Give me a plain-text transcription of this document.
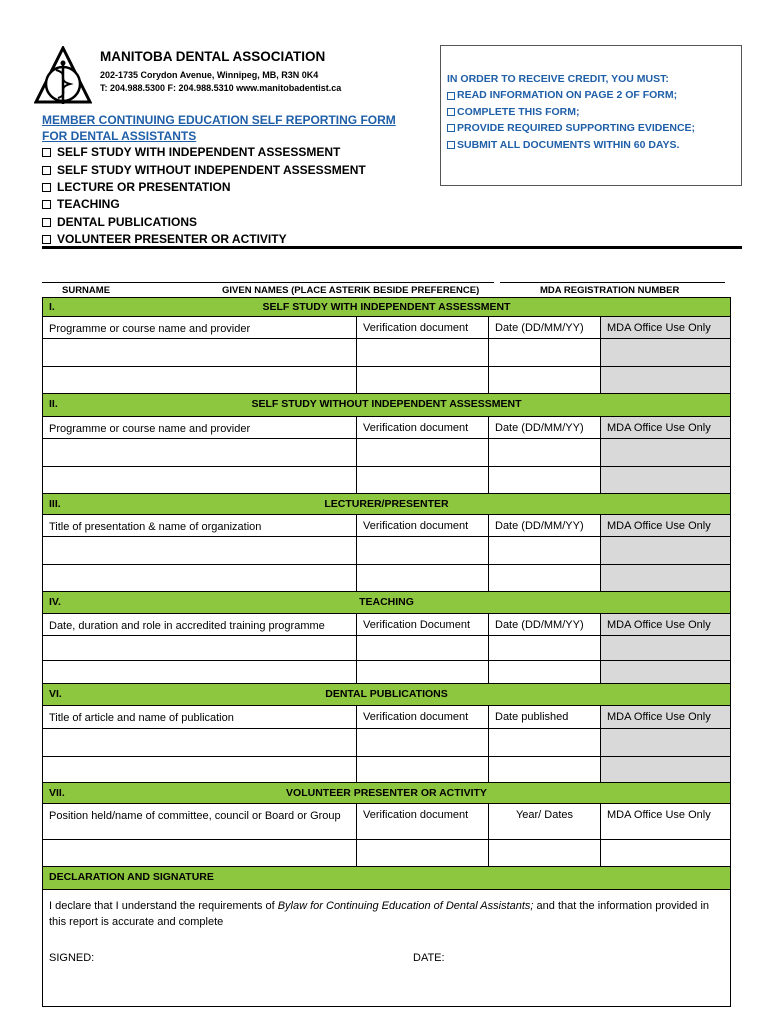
MANITOBA DENTAL ASSOCIATION
202-1735 Corydon Avenue, Winnipeg, MB, R3N 0K4
T: 204.988.5300 F: 204.988.5310 www.manitobadentist.ca
MEMBER CONTINUING EDUCATION SELF REPORTING FORM
FOR DENTAL ASSISTANTS
SELF STUDY WITH INDEPENDENT ASSESSMENT
SELF STUDY WITHOUT INDEPENDENT ASSESSMENT
LECTURE OR PRESENTATION
TEACHING
DENTAL PUBLICATIONS
VOLUNTEER PRESENTER OR ACTIVITY
IN ORDER TO RECEIVE CREDIT, YOU MUST:
READ INFORMATION ON PAGE 2 OF FORM;
COMPLETE THIS FORM;
PROVIDE REQUIRED SUPPORTING EVIDENCE;
SUBMIT ALL DOCUMENTS WITHIN 60 DAYS.
SURNAME	GIVEN NAMES (PLACE ASTERIK BESIDE PREFERENCE)	MDA REGISTRATION NUMBER
I.	SELF STUDY WITH INDEPENDENT ASSESSMENT
Programme or course name and provider	Verification document	Date (DD/MM/YY)	MDA Office Use Only
II.	SELF STUDY WITHOUT INDEPENDENT ASSESSMENT
Programme or course name and provider	Verification document	Date (DD/MM/YY)	MDA Office Use Only
III.	LECTURER/PRESENTER
Title of presentation & name of organization	Verification document	Date (DD/MM/YY)	MDA Office Use Only
IV.	TEACHING
Date, duration and role in accredited training programme	Verification Document	Date (DD/MM/YY)	MDA Office Use Only
VI.	DENTAL PUBLICATIONS
Title of article and name of publication	Verification document	Date published	MDA Office Use Only
VII.	VOLUNTEER PRESENTER OR ACTIVITY
Position held/name of committee, council or Board or Group	Verification document	Year/ Dates	MDA Office Use Only
DECLARATION AND SIGNATURE
I declare that I understand the requirements of Bylaw for Continuing Education of Dental Assistants; and that the information provided in this report is accurate and complete
SIGNED:	DATE:
